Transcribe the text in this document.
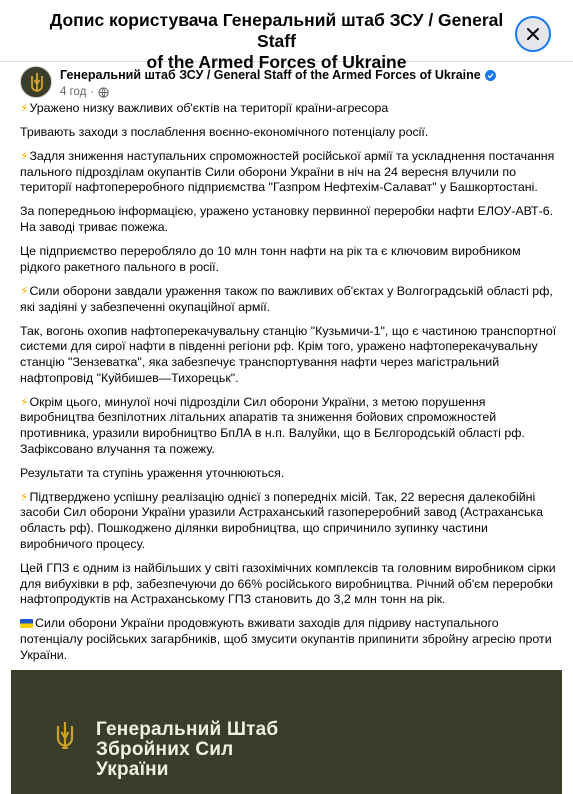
Допис користувача Генеральний штаб ЗСУ / General Staff
of the Armed Forces of Ukraine
Генеральний штаб ЗСУ / General Staff of the Armed Forces of Ukraine
4 год ·

⚡Уражено низку важливих об'єктів на території країни-агресора

Тривають заходи з послаблення воєнно-економічного потенціалу росії.

⚡Задля зниження наступальних спроможностей російської армії та ускладнення постачання пального підрозділам окупантів Сили оборони України в ніч на 24 вересня влучили по території нафтопереробного підприємства "Газпром Нефтехім-Салават" у Башкортостані.

За попередньою інформацією, уражено установку первинної переробки нафти ЕЛОУ-АВТ-6. На заводі триває пожежа.

Це підприємство переробляло до 10 млн тонн нафти на рік та є ключовим виробником рідкого ракетного пального в росії.

⚡Сили оборони завдали ураження також по важливих об'єктах у Волгоградській області рф, які задіяні у забезпеченні окупаційної армії.

Так, вогонь охопив нафтоперекачувальну станцію "Кузьмичи-1", що є частиною транспортної системи для сирої нафти в південні регіони рф. Крім того, уражено нафтоперекачувальну станцію "Зензеватка", яка забезпечує транспортування нафти через магістральний нафтопровід "Куйбишев—Тихорецьк".

⚡Окрім цього, минулої ночі підрозділи Сил оборони України, з метою порушення виробництва безпілотних літальних апаратів та зниження бойових спроможностей противника, уразили виробництво БпЛА в н.п. Валуйки, що в Бєлгородській області рф. Зафіксовано влучання та пожежу.

Результати та ступінь ураження уточнюються.

⚡Підтверджено успішну реалізацію однієї з попередніх місій. Так, 22 вересня далекобійні засоби Сил оборони України уразили Астраханський газопереробний завод (Астраханська область рф). Пошкоджено ділянки виробництва, що спричинило зупинку частини виробничого процесу.

Цей ГПЗ є одним із найбільших у світі газохімічних комплексів та головним виробником сірки для вибухівки в рф, забезпечуючи до 66% російського виробництва. Річний об'єм переробки нафтопродуктів на Астраханському ГПЗ становить до 3,2 млн тонн на рік.

Сили оборони України продовжують вживати заходів для підриву наступального потенціалу російських загарбників, щоб змусити окупантів припинити збройну агресію проти України.

Генеральний Штаб
Збройних Сил
України
